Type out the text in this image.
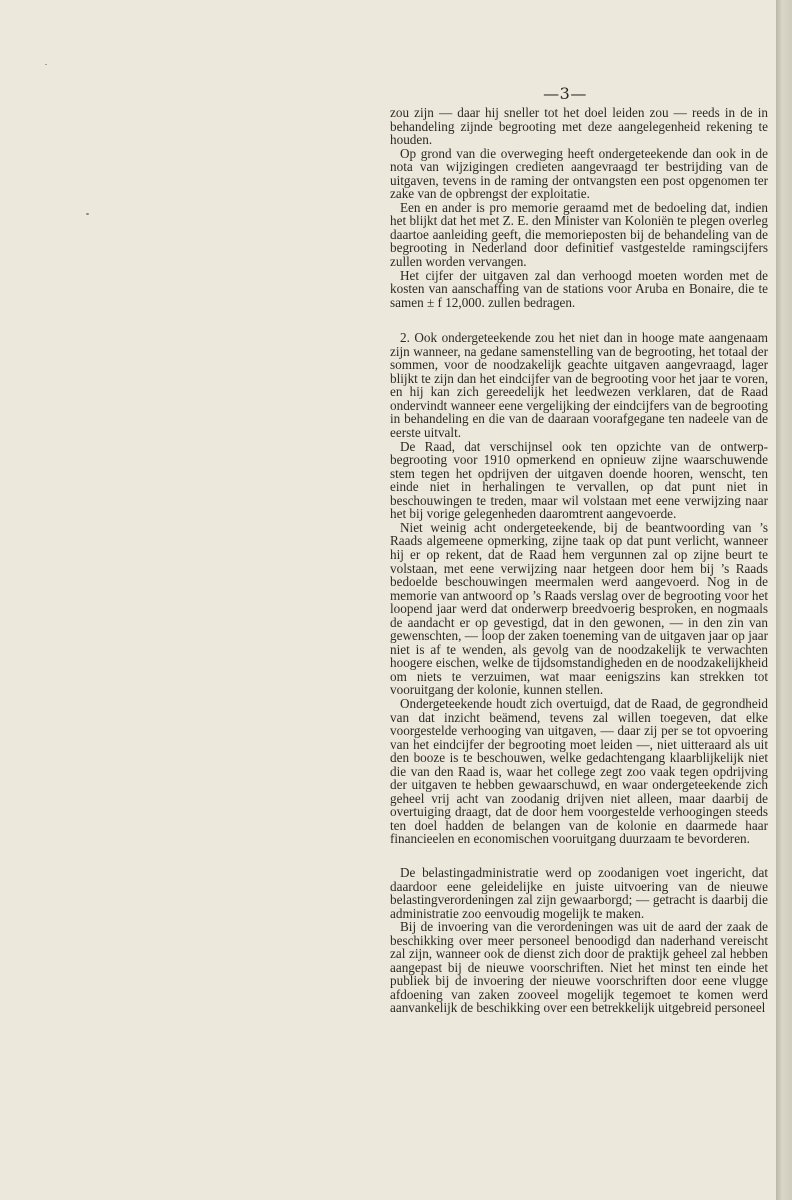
—3—

zou zijn — daar hij sneller tot het doel leiden zou — reeds in de in behandeling zijnde begrooting met deze aangelegenheid rekening te houden.

Op grond van die overweging heeft ondergeteekende dan ook in de nota van wijzigingen credieten aangevraagd ter bestrijding van de uitgaven, tevens in de raming der ontvangsten een post opgenomen ter zake van de opbrengst der exploitatie.

Een en ander is pro memorie geraamd met de bedoeling dat, indien het blijkt dat het met Z. E. den Minister van Koloniën te plegen overleg daartoe aanleiding geeft, die memorieposten bij de behandeling van de begrooting in Nederland door definitief vastgestelde ramingscijfers zullen worden vervangen.

Het cijfer der uitgaven zal dan verhoogd moeten worden met de kosten van aanschaffing van de stations voor Aruba en Bonaire, die te samen ± f 12,000. zullen bedragen.

2. Ook ondergeteekende zou het niet dan in hooge mate aangenaam zijn wanneer, na gedane samenstelling van de begrooting, het totaal der sommen, voor de noodzakelijk geachte uitgaven aangevraagd, lager blijkt te zijn dan het eindcijfer van de begrooting voor het jaar te voren, en hij kan zich gereedelijk het leedwezen verklaren, dat de Raad ondervindt wanneer eene vergelijking der eindcijfers van de begrooting in behandeling en die van de daaraan voorafgegane ten nadeele van de eerste uitvalt.

De Raad, dat verschijnsel ook ten opzichte van de ontwerp-begrooting voor 1910 opmerkend en opnieuw zijne waarschuwende stem tegen het opdrijven der uitgaven doende hooren, wenscht, ten einde niet in herhalingen te vervallen, op dat punt niet in beschouwingen te treden, maar wil volstaan met eene verwijzing naar het bij vorige gelegenheden daaromtrent aangevoerde.

Niet weinig acht ondergeteekende, bij de beantwoording van ’s Raads algemeene opmerking, zijne taak op dat punt verlicht, wanneer hij er op rekent, dat de Raad hem vergunnen zal op zijne beurt te volstaan, met eene verwijzing naar hetgeen door hem bij ’s Raads bedoelde beschouwingen meermalen werd aangevoerd. Nog in de memorie van antwoord op ’s Raads verslag over de begrooting voor het loopend jaar werd dat onderwerp breedvoerig besproken, en nogmaals de aandacht er op gevestigd, dat in den gewonen, — in den zin van gewenschten, — loop der zaken toeneming van de uitgaven jaar op jaar niet is af te wenden, als gevolg van de noodzakelijk te verwachten hoogere eischen, welke de tijdsomstandigheden en de noodzakelijkheid om niets te verzuimen, wat maar eenigszins kan strekken tot vooruitgang der kolonie, kunnen stellen.

Ondergeteekende houdt zich overtuigd, dat de Raad, de gegrondheid van dat inzicht beämend, tevens zal willen toegeven, dat elke voorgestelde verhooging van uitgaven, — daar zij per se tot opvoering van het eindcijfer der begrooting moet leiden —, niet uitteraard als uit den booze is te beschouwen, welke gedachtengang klaarblijkelijk niet die van den Raad is, waar het college zegt zoo vaak tegen opdrijving der uitgaven te hebben gewaarschuwd, en waar ondergeteekende zich geheel vrij acht van zoodanig drijven niet alleen, maar daarbij de overtuiging draagt, dat de door hem voorgestelde verhoogingen steeds ten doel hadden de belangen van de kolonie en daarmede haar financieelen en economischen vooruitgang duurzaam te bevorderen.

De belastingadministratie werd op zoodanigen voet ingericht, dat daardoor eene geleidelijke en juiste uitvoering van de nieuwe belastingverordeningen zal zijn gewaarborgd; — getracht is daarbij die administratie zoo eenvoudig mogelijk te maken.

Bij de invoering van die verordeningen was uit de aard der zaak de beschikking over meer personeel benoodigd dan naderhand vereischt zal zijn, wanneer ook de dienst zich door de praktijk geheel zal hebben aangepast bij de nieuwe voorschriften. Niet het minst ten einde het publiek bij de invoering der nieuwe voorschriften door eene vlugge afdoening van zaken zooveel mogelijk tegemoet te komen werd aanvankelijk de beschikking over een betrekkelijk uitgebreid personeel
